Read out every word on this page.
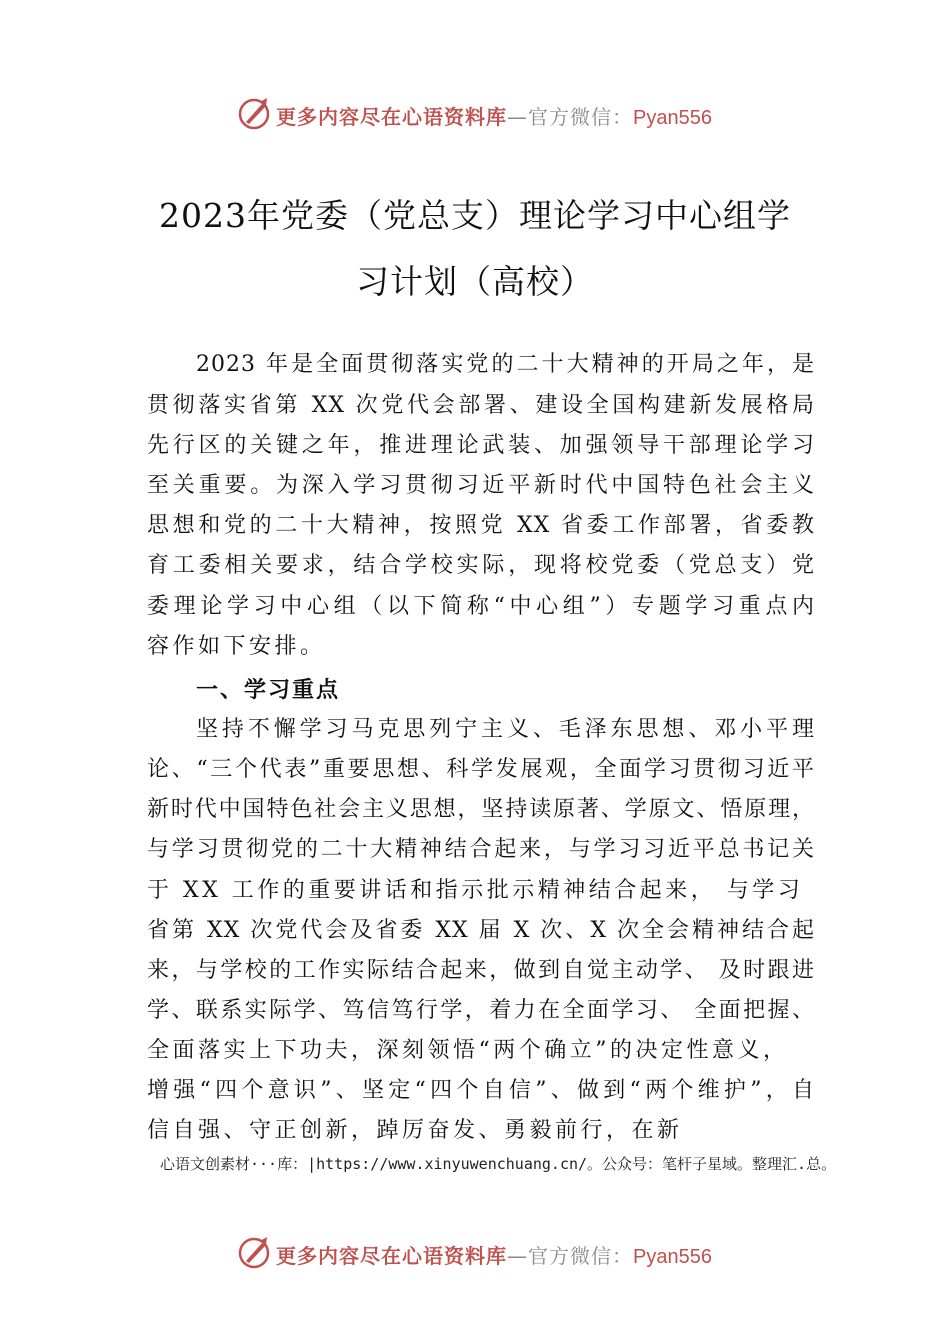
更多内容尽在心语资料库—官方微信：Pyan556
2023年党委（党总支）理论学习中心组学
习计划（高校）
2023 年是全面贯彻落实党的二十大精神的开局之年，是
贯彻落实省第 XX 次党代会部署、建设全国构建新发展格局
先行区的关键之年，推进理论武装、加强领导干部理论学习
至关重要。为深入学习贯彻习近平新时代中国特色社会主义
思想和党的二十大精神，按照党 XX 省委工作部署，省委教
育工委相关要求，结合学校实际，现将校党委（党总支）党
委理论学习中心组（以下简称“中心组”）专题学习重点内
容作如下安排。
一、学习重点
坚持不懈学习马克思列宁主义、毛泽东思想、邓小平理
论、“三个代表”重要思想、科学发展观，全面学习贯彻习近平
新时代中国特色社会主义思想，坚持读原著、学原文、悟原理，
与学习贯彻党的二十大精神结合起来，与学习习近平总书记关
于 XX 工作的重要讲话和指示批示精神结合起来， 与学习
省第 XX 次党代会及省委 XX 届 X 次、X 次全会精神结合起
来，与学校的工作实际结合起来，做到自觉主动学、 及时跟进
学、联系实际学、笃信笃行学，着力在全面学习、 全面把握、
全面落实上下功夫，深刻领悟“两个确立”的决定性意义，
增强“四个意识”、坚定“四个自信”、做到“两个维护”，自
信自强、守正创新，踔厉奋发、勇毅前行，在新
心语文创素材···库：|https://www.xinyuwenchuang.cn/。公众号：笔杆子星域。整理汇.总。
更多内容尽在心语资料库—官方微信：Pyan556
